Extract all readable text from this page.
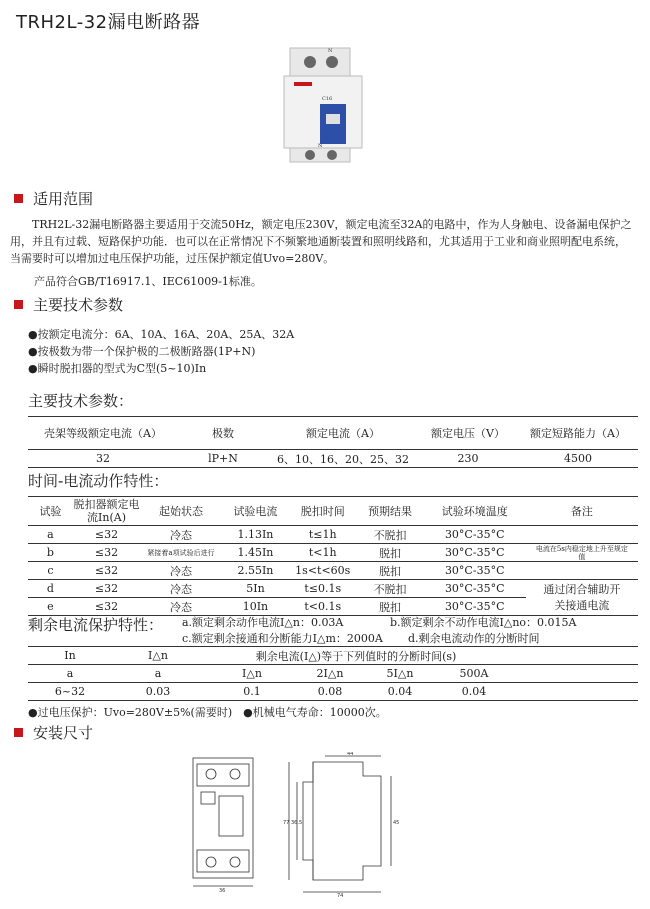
TRH2L-32漏电断路器
N
C16
N
适用范围
TRH2L-32漏电断路器主要适用于交流50Hz，额定电压230V，额定电流至32A的电路中，作为人身触电、设备漏电保护之用，并且有过载、短路保护功能．也可以在正常情况下不频繁地通断装置和照明线路和，尤其适用于工业和商业照明配电系统，当需要时可以增加过电压保护功能，过压保护额定值Uvo=280V。
产品符合GB/T16917.1、IEC61009-1标准。
主要技术参数
●按额定电流分：6A、10A、16A、20A、25A、32A
●按极数为带一个保护极的二极断路器(1P+N)
●瞬时脱扣器的型式为C型(5~10)In
主要技术参数：
壳架等级额定电流（A）	极数	额定电流（A）	额定电压（V）	额定短路能力（A）
32	lP+N	6、10、16、20、25、32	230	4500
时间-电流动作特性：
试验	脱扣器额定电流In(A)	起始状态	试验电流	脱扣时间	预期结果	试验环境温度	备注
a	≤32	冷态	1.13In	t≤1h	不脱扣	30°C-35°C	
b	≤32	紧接着a项试验后进行	1.45In	t<1h	脱扣	30°C-35°C	电流在5s内稳定地上升至规定值
c	≤32	冷态	2.55In	1s<t<60s	脱扣	30°C-35°C	
d	≤32	冷态	5In	t≤0.1s	不脱扣	30°C-35°C	通过闭合辅助开关接通电流
e	≤32	冷态	10In	t<0.1s	脱扣	30°C-35°C	
剩余电流保护特性： a.额定剩余动作电流I△n：0.03A	b.额定剩余不动作电流I△no：0.015A
c.额定剩余接通和分断能力I△m：2000A d.剩余电流动作的分断时间
In	I△n	剩余电流(I△)等于下列值时的分断时间(s)				
a	a	I△n	2I△n	5I△n	500A	
6~32	0.03	0.1	0.08	0.04	0.04	
●过电压保护：Uvo=280V±5%(需要时)　●机械电气寿命：10000次。
安装尺寸
36
44
74
77 36.5	45
